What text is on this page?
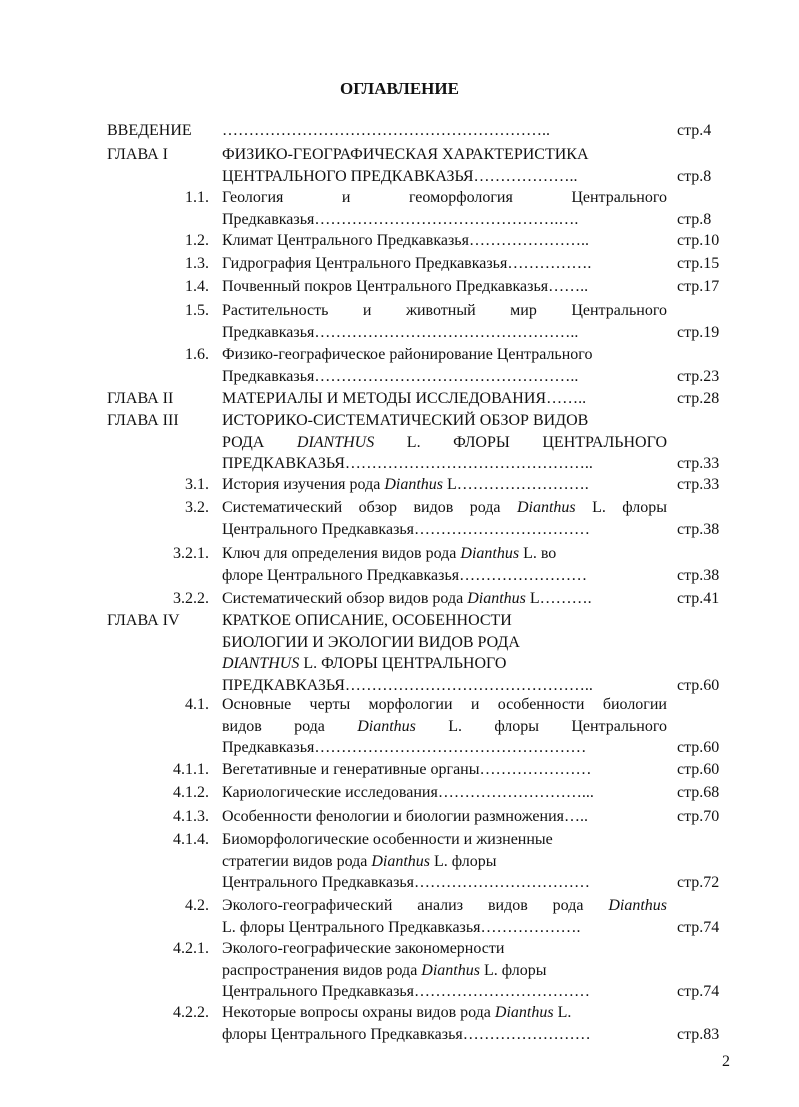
ОГЛАВЛЕНИЕ
ВВЕДЕНИЕ	……………………………………………………..	стр.4
ГЛАВА I	ФИЗИКО-ГЕОГРАФИЧЕСКАЯ ХАРАКТЕРИСТИКА
ЦЕНТРАЛЬНОГО ПРЕДКАВКАЗЬЯ………………..	стр.8
1.1. Геология и геоморфология Центрального
Предкавказья……………………………………….….	стр.8
1.2. Климат Центрального Предкавказья…………………..	стр.10
1.3. Гидрография Центрального Предкавказья…………….	стр.15
1.4. Почвенный покров Центрального Предкавказья……..	стр.17
1.5. Растительность и животный мир Центрального
Предкавказья…………………………………………..	стр.19
1.6. Физико-географическое районирование Центрального
Предкавказья…………………………………………..	стр.23
ГЛАВА II	МАТЕРИАЛЫ И МЕТОДЫ ИССЛЕДОВАНИЯ……..	стр.28
ГЛАВА III	ИСТОРИКО-СИСТЕМАТИЧЕСКИЙ ОБЗОР ВИДОВ
РОДА DIANTHUS L. ФЛОРЫ ЦЕНТРАЛЬНОГО
ПРЕДКАВКАЗЬЯ………………………………………..	стр.33
3.1. История изучения рода Dianthus L…………………….	стр.33
3.2. Систематический обзор видов рода Dianthus L. флоры
Центрального Предкавказья……………………………	стр.38
3.2.1. Ключ для определения видов рода Dianthus L. во
флоре Центрального Предкавказья……………………	стр.38
3.2.2. Систематический обзор видов рода Dianthus L……….	стр.41
ГЛАВА IV	КРАТКОЕ ОПИСАНИЕ, ОСОБЕННОСТИ
БИОЛОГИИ И ЭКОЛОГИИ ВИДОВ РОДА
DIANTHUS L. ФЛОРЫ ЦЕНТРАЛЬНОГО
ПРЕДКАВКАЗЬЯ………………………………………..	стр.60
4.1. Основные черты морфологии и особенности биологии
видов рода Dianthus L. флоры Центрального
Предкавказья……………………………………………	стр.60
4.1.1. Вегетативные и генеративные органы…………………	стр.60
4.1.2. Кариологические исследования………………………...	стр.68
4.1.3. Особенности фенологии и биологии размножения…..	стр.70
4.1.4. Биоморфологические особенности и жизненные
стратегии видов рода Dianthus L. флоры
Центрального Предкавказья……………………………	стр.72
4.2. Эколого-географический анализ видов рода Dianthus
L. флоры Центрального Предкавказья……………….	стр.74
4.2.1. Эколого-географические закономерности
распространения видов рода Dianthus L. флоры
Центрального Предкавказья……………………………	стр.74
4.2.2. Некоторые вопросы охраны видов рода Dianthus L.
флоры Центрального Предкавказья……………………	стр.83
2
